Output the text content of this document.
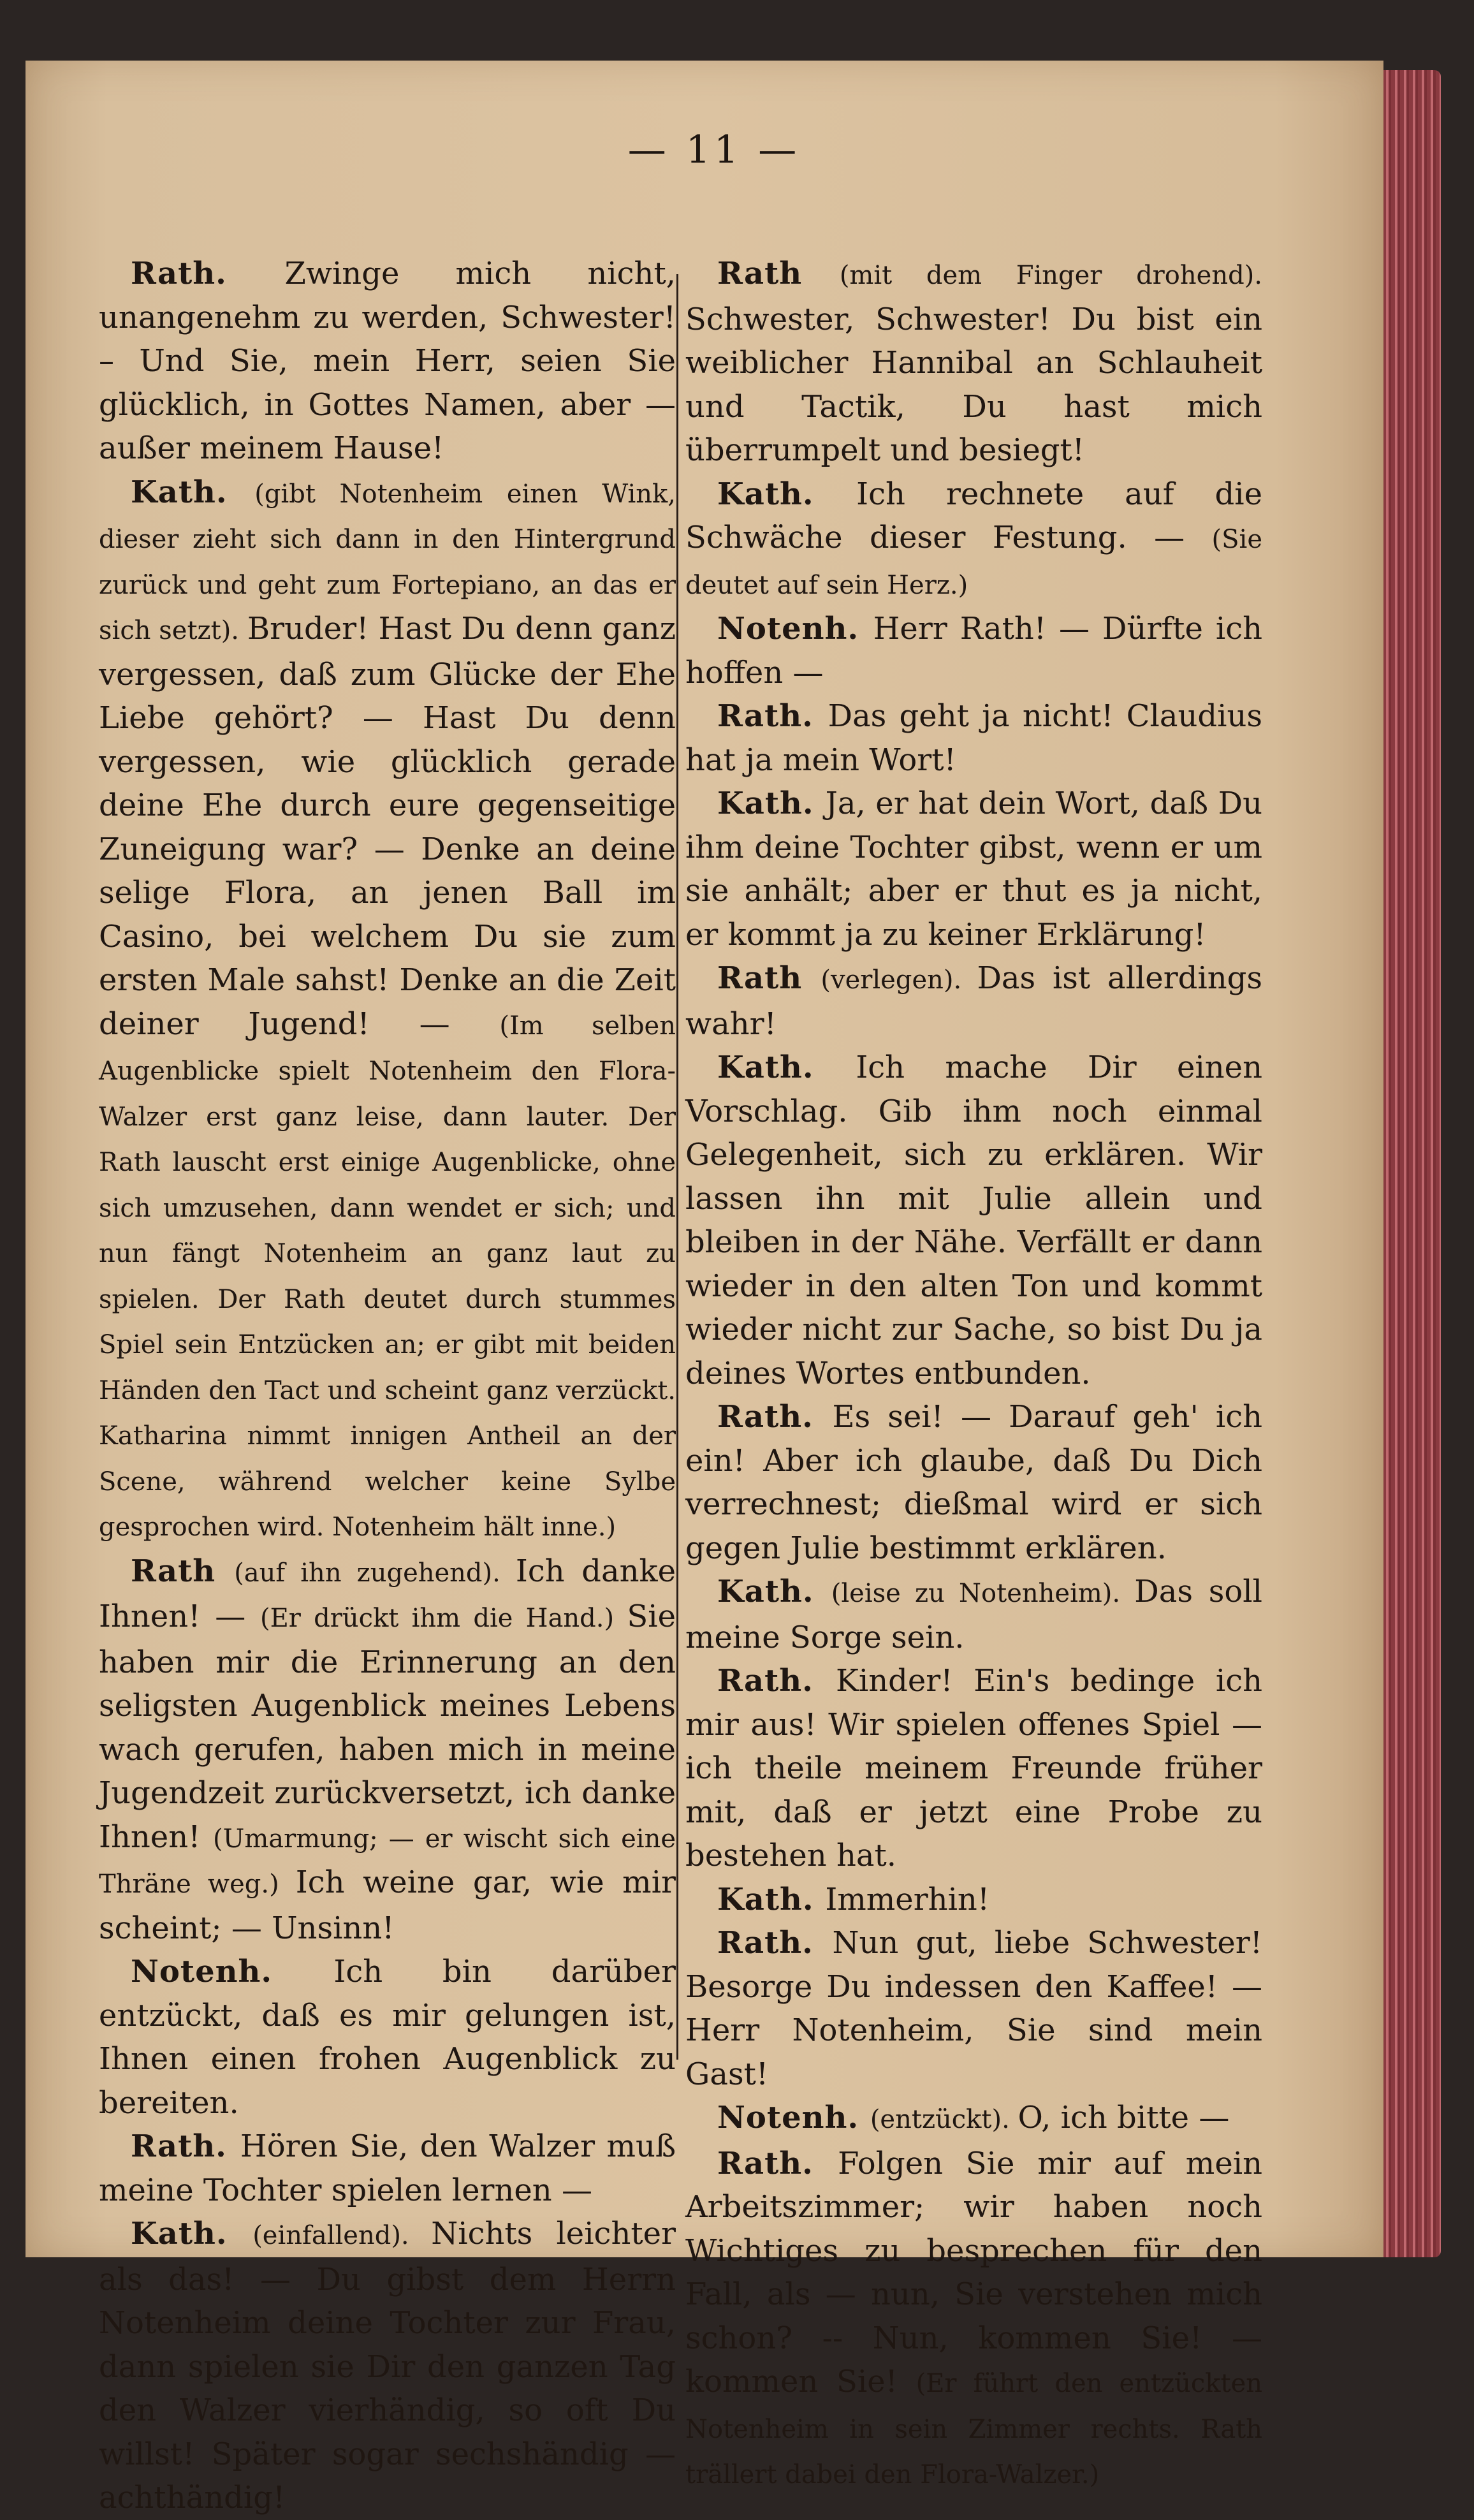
— 11 —

Rath. Zwinge mich nicht, unangenehm zu werden, Schwester! – Und Sie, mein Herr, seien Sie glücklich, in Gottes Namen, aber — außer meinem Hause!

Kath. (gibt Notenheim einen Wink, dieser zieht sich dann in den Hintergrund zurück und geht zum Fortepiano, an das er sich setzt). Bruder! Hast Du denn ganz vergessen, daß zum Glücke der Ehe Liebe gehört? — Hast Du denn vergessen, wie glücklich gerade deine Ehe durch eure gegenseitige Zuneigung war? — Denke an deine selige Flora, an jenen Ball im Casino, bei welchem Du sie zum ersten Male sahst! Denke an die Zeit deiner Jugend! — (Im selben Augenblicke spielt Notenheim den Flora-Walzer erst ganz leise, dann lauter. Der Rath lauscht erst einige Augenblicke, ohne sich umzusehen, dann wendet er sich; und nun fängt Notenheim an ganz laut zu spielen. Der Rath deutet durch stummes Spiel sein Entzücken an; er gibt mit beiden Händen den Tact und scheint ganz verzückt. Katharina nimmt innigen Antheil an der Scene, während welcher keine Sylbe gesprochen wird. Notenheim hält inne.)

Rath (auf ihn zugehend). Ich danke Ihnen! — (Er drückt ihm die Hand.) Sie haben mir die Erinnerung an den seligsten Augenblick meines Lebens wach gerufen, haben mich in meine Jugendzeit zurückversetzt, ich danke Ihnen! (Umarmung; — er wischt sich eine Thräne weg.) Ich weine gar, wie mir scheint; — Unsinn!

Notenh. Ich bin darüber entzückt, daß es mir gelungen ist, Ihnen einen frohen Augenblick zu bereiten.

Rath. Hören Sie, den Walzer muß meine Tochter spielen lernen —

Kath. (einfallend). Nichts leichter als das! — Du gibst dem Herrn Notenheim deine Tochter zur Frau, dann spielen sie Dir den ganzen Tag den Walzer vierhändig, so oft Du willst! Später sogar sechshändig — achthändig!

Rath (mit dem Finger drohend). Schwester, Schwester! Du bist ein weiblicher Hannibal an Schlauheit und Tactik, Du hast mich überrumpelt und besiegt!

Kath. Ich rechnete auf die Schwäche dieser Festung. — (Sie deutet auf sein Herz.)

Notenh. Herr Rath! — Dürfte ich hoffen —

Rath. Das geht ja nicht! Claudius hat ja mein Wort!

Kath. Ja, er hat dein Wort, daß Du ihm deine Tochter gibst, wenn er um sie anhält; aber er thut es ja nicht, er kommt ja zu keiner Erklärung!

Rath (verlegen). Das ist allerdings wahr!

Kath. Ich mache Dir einen Vorschlag. Gib ihm noch einmal Gelegenheit, sich zu erklären. Wir lassen ihn mit Julie allein und bleiben in der Nähe. Verfällt er dann wieder in den alten Ton und kommt wieder nicht zur Sache, so bist Du ja deines Wortes entbunden.

Rath. Es sei! — Darauf geh' ich ein! Aber ich glaube, daß Du Dich verrechnest; dießmal wird er sich gegen Julie bestimmt erklären.

Kath. (leise zu Notenheim). Das soll meine Sorge sein.

Rath. Kinder! Ein's bedinge ich mir aus! Wir spielen offenes Spiel — ich theile meinem Freunde früher mit, daß er jetzt eine Probe zu bestehen hat.

Kath. Immerhin!

Rath. Nun gut, liebe Schwester! Besorge Du indessen den Kaffee! — Herr Notenheim, Sie sind mein Gast!

Notenh. (entzückt). O, ich bitte —

Rath. Folgen Sie mir auf mein Arbeitszimmer; wir haben noch Wichtiges zu besprechen für den Fall, als — nun, Sie verstehen mich schon? -- Nun, kommen Sie! — kommen Sie! (Er führt den entzückten Notenheim in sein Zimmer rechts. Rath trällert dabei den Flora-Walzer.)
